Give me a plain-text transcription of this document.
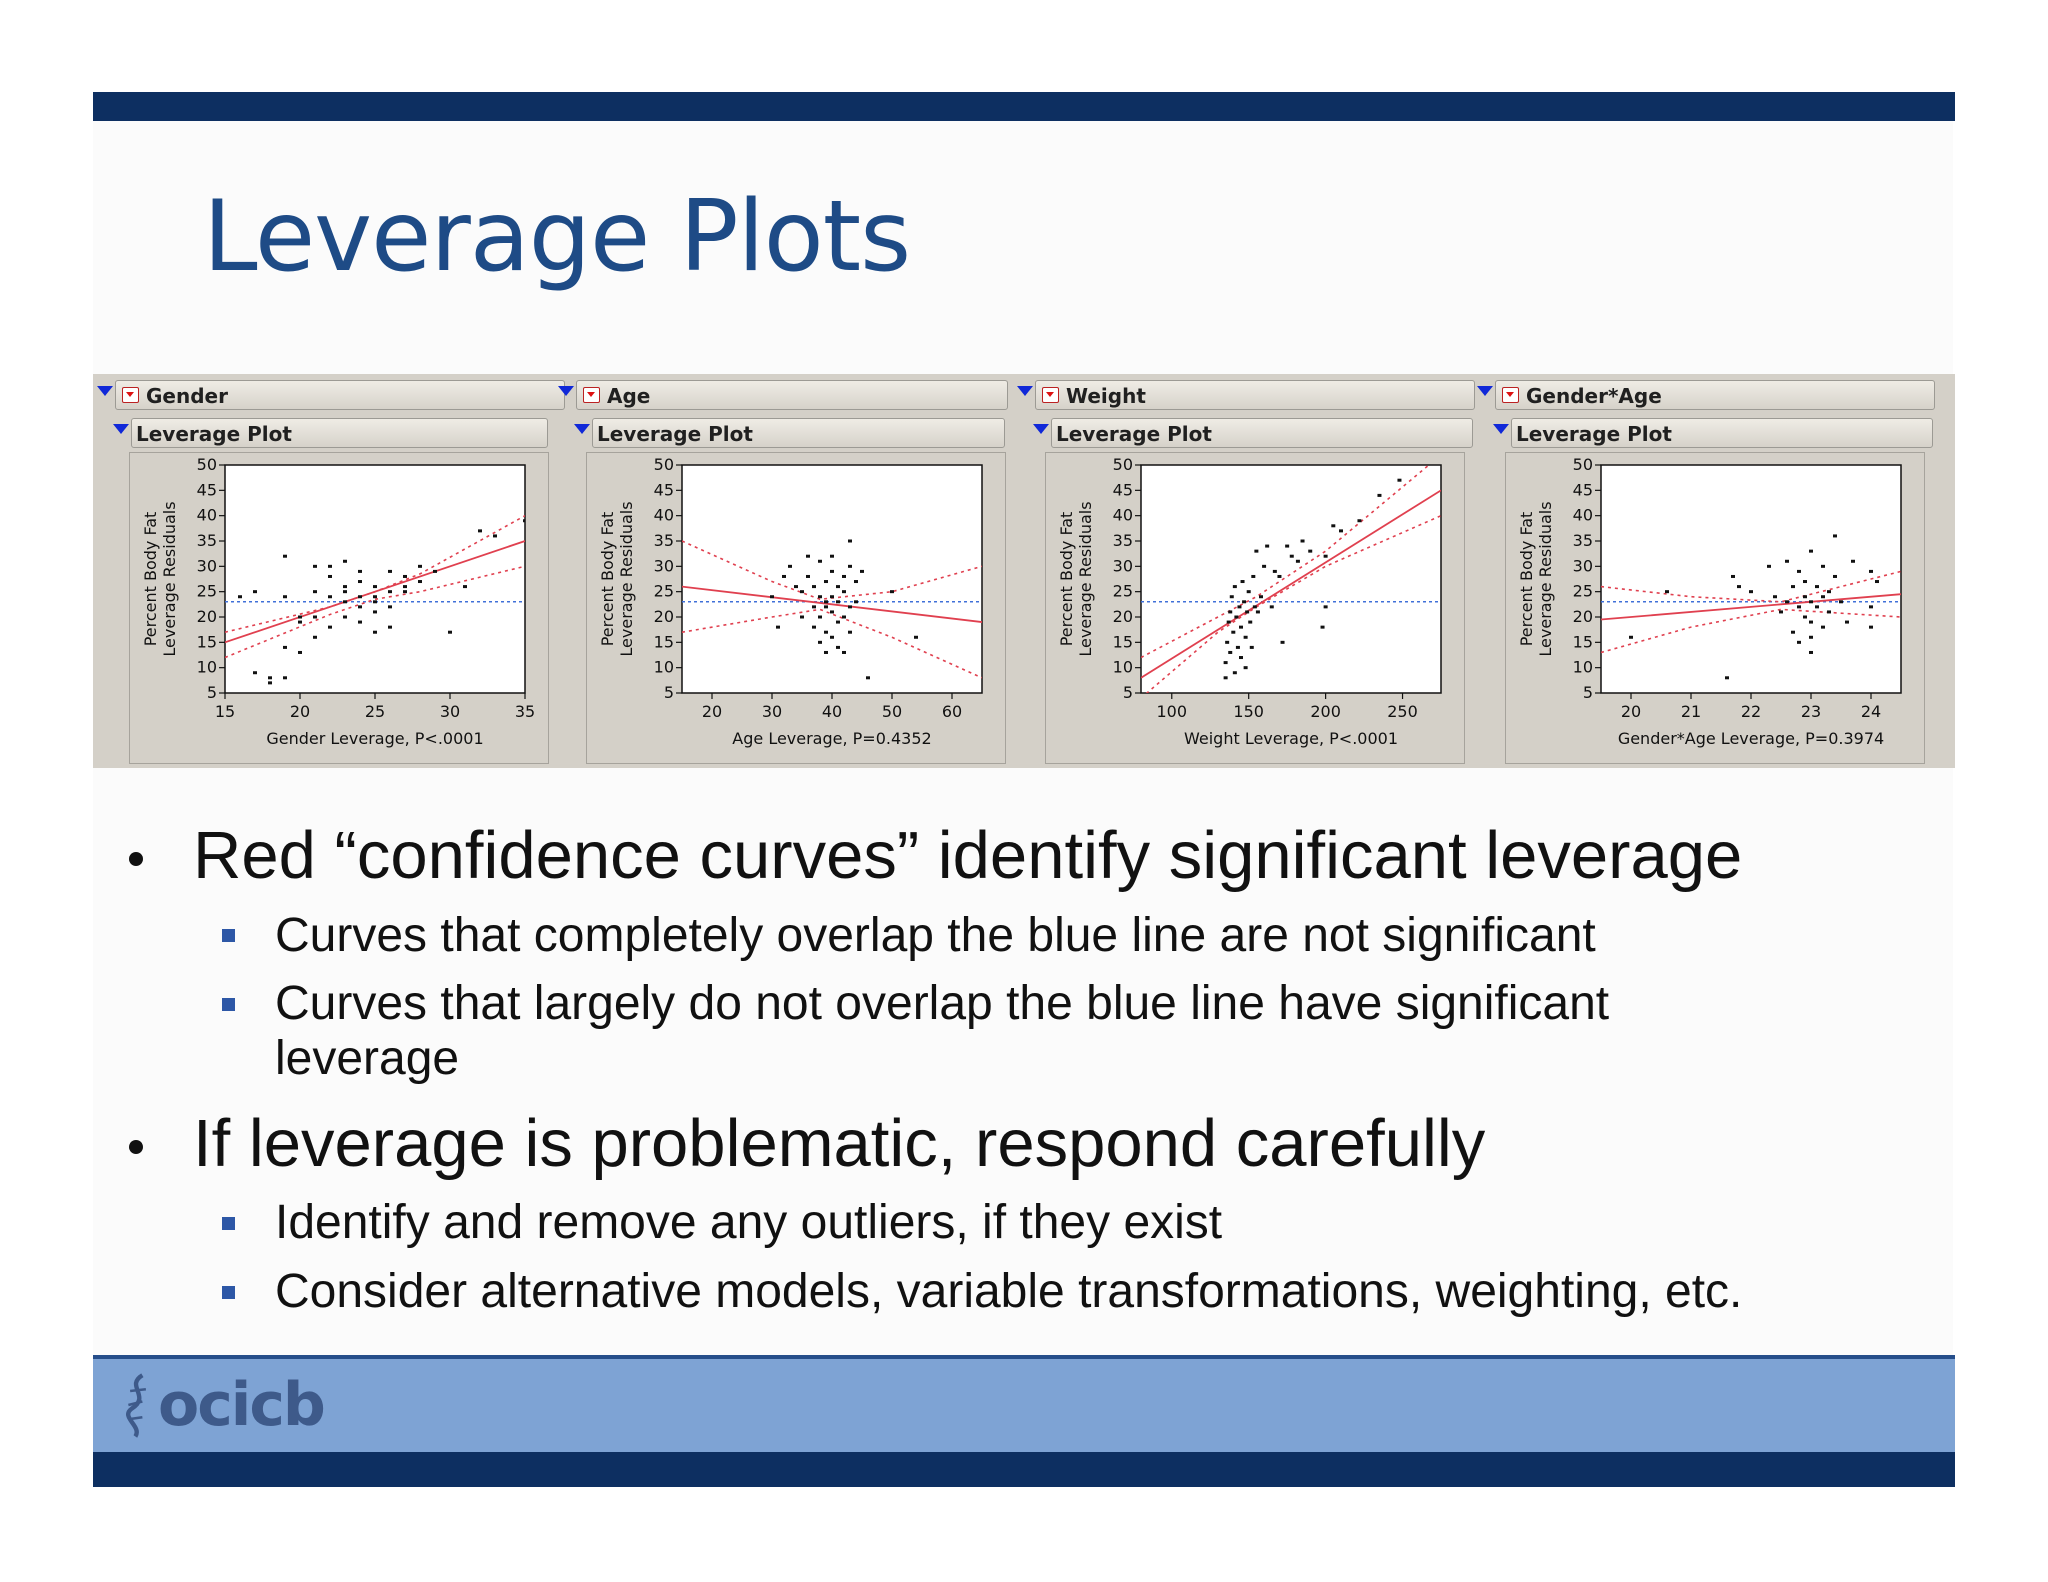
Leverage Plots
Gender
Leverage Plot
5
10
15
20
25
30
35
40
45
50
15	20	25	30	35
Gender Leverage, P<.0001
Percent Body Fat Leverage Residuals
Age
Leverage Plot
5
10
15
20
25
30
35
40
45
50
20 30 40 50 60
Age Leverage, P=0.4352
Percent Body Fat Leverage Residuals
Weight
Leverage Plot
5
10
15
20
25
30
35
40
45
50
100	150	200	250
Weight Leverage, P<.0001
Percent Body Fat Leverage Residuals
Gender*Age
Leverage Plot
5
10
15
20
25
30
35
40
45
50
20 21 22 23 24
Gender*Age Leverage, P=0.3974
Percent Body Fat Leverage Residuals
Red “confidence curves” identify significant leverage
Curves that completely overlap the blue line are not significant
Curves that largely do not overlap the blue line have significant
leverage
If leverage is problematic, respond carefully
Identify and remove any outliers, if they exist
Consider alternative models, variable transformations, weighting, etc.
ocicb
